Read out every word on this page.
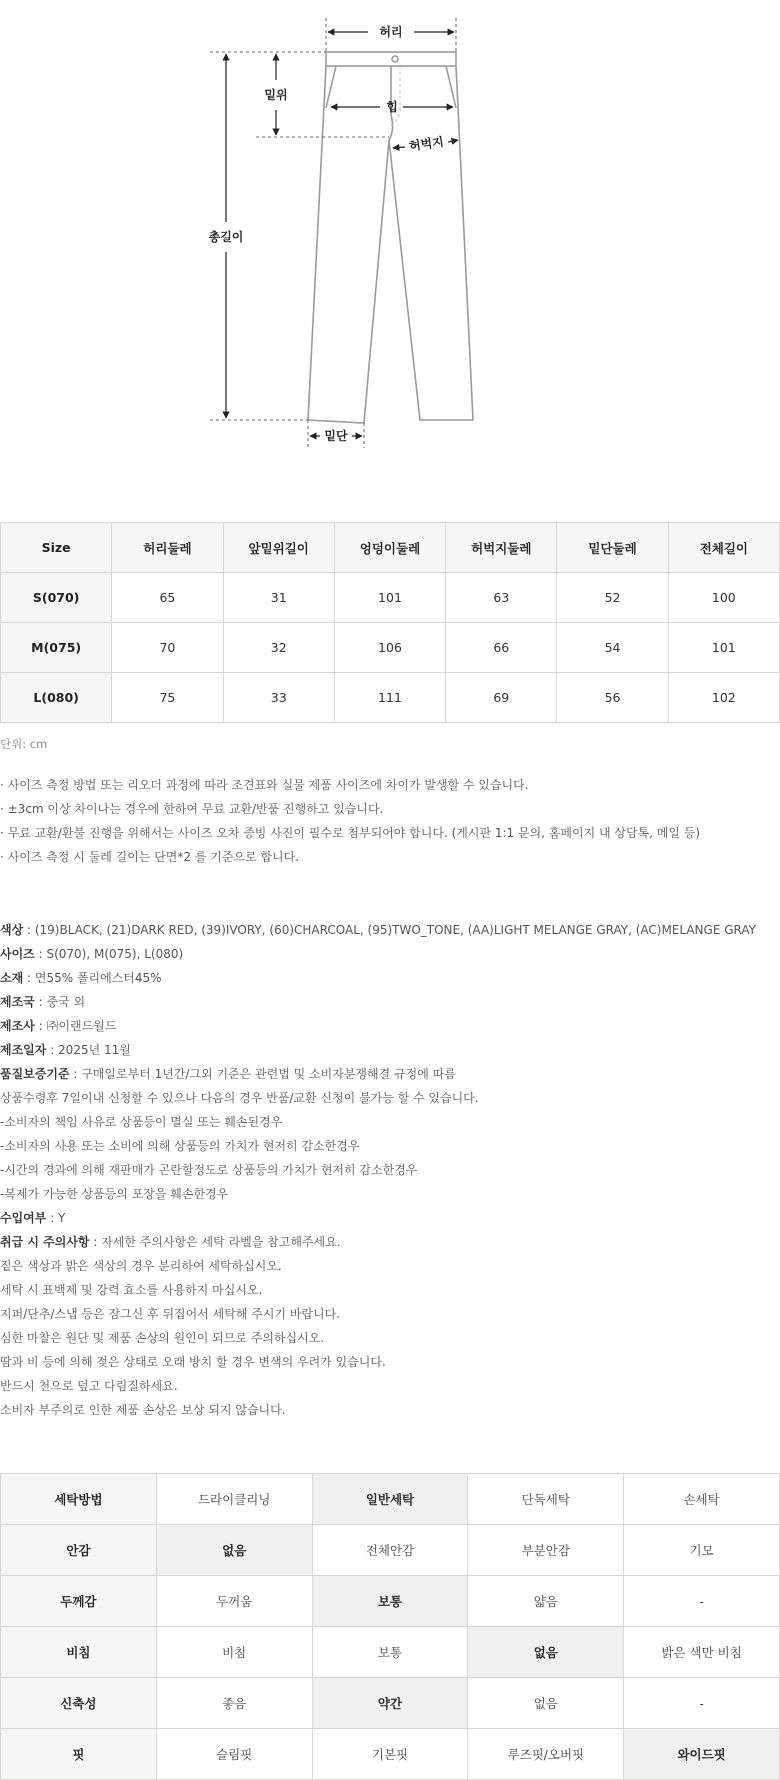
허리
밑위
힙
허벅지
총길이
밑단
Size	허리둘레	앞밑위길이	엉덩이둘레	허벅지둘레	밑단둘레	전체길이
S(070)	65	31	101	63	52	100
M(075)	70	32	106	66	54	101
L(080)	75	33	111	69	56	102
단위: cm
· 사이즈 측정 방법 또는 리오더 과정에 따라 조견표와 실물 제품 사이즈에 차이가 발생할 수 있습니다.
· ±3cm 이상 차이나는 경우에 한하여 무료 교환/반품 진행하고 있습니다.
· 무료 교환/환불 진행을 위해서는 사이즈 오차 증빙 사진이 필수로 첨부되어야 합니다. (게시판 1:1 문의, 홈페이지 내 상담톡, 메일 등)
· 사이즈 측정 시 둘레 길이는 단면*2 를 기준으로 합니다.
색상 : (19)BLACK, (21)DARK RED, (39)IVORY, (60)CHARCOAL, (95)TWO_TONE, (AA)LIGHT MELANGE GRAY, (AC)MELANGE GRAY
사이즈 : S(070), M(075), L(080)
소재 : 면55% 폴리에스터45%
제조국 : 중국 외
제조사 : ㈜이랜드월드
제조일자 : 2025년 11월
품질보증기준 : 구매일로부터 1년간/그외 기준은 관련법 및 소비자분쟁해결 규정에 따름
상품수령후 7일이내 신청할 수 있으나 다음의 경우 반품/교환 신청이 불가능 할 수 있습니다.
-소비자의 책임 사유로 상품등이 멸실 또는 훼손된경우
-소비자의 사용 또는 소비에 의해 상품등의 가치가 현저히 감소한경우
-시간의 경과에 의해 재판매가 곤란할정도로 상품등의 가치가 현저히 감소한경우
-복제가 가능한 상품등의 포장을 훼손한경우
수입여부 : Y
취급 시 주의사항 : 자세한 주의사항은 세탁 라벨을 참고해주세요.
짙은 색상과 밝은 색상의 경우 분리하여 세탁하십시오.
세탁 시 표백제 및 강력 효소를 사용하지 마십시오.
지퍼/단추/스냅 등은 잠그신 후 뒤집어서 세탁해 주시기 바랍니다.
심한 마찰은 원단 및 제품 손상의 원인이 되므로 주의하십시오.
땀과 비 등에 의해 젖은 상태로 오래 방치 할 경우 변색의 우려가 있습니다.
반드시 천으로 덮고 다림질하세요.
소비자 부주의로 인한 제품 손상은 보상 되지 않습니다.
세탁방법	드라이클리닝	일반세탁	단독세탁	손세탁
안감	없음	전체안감	부분안감	기모
두께감	두꺼움	보통	얇음	-
비침	비침	보통	없음	밝은 색만 비침
신축성	좋음	약간	없음	-
핏	슬림핏	기본핏	루즈핏/오버핏	와이드핏
